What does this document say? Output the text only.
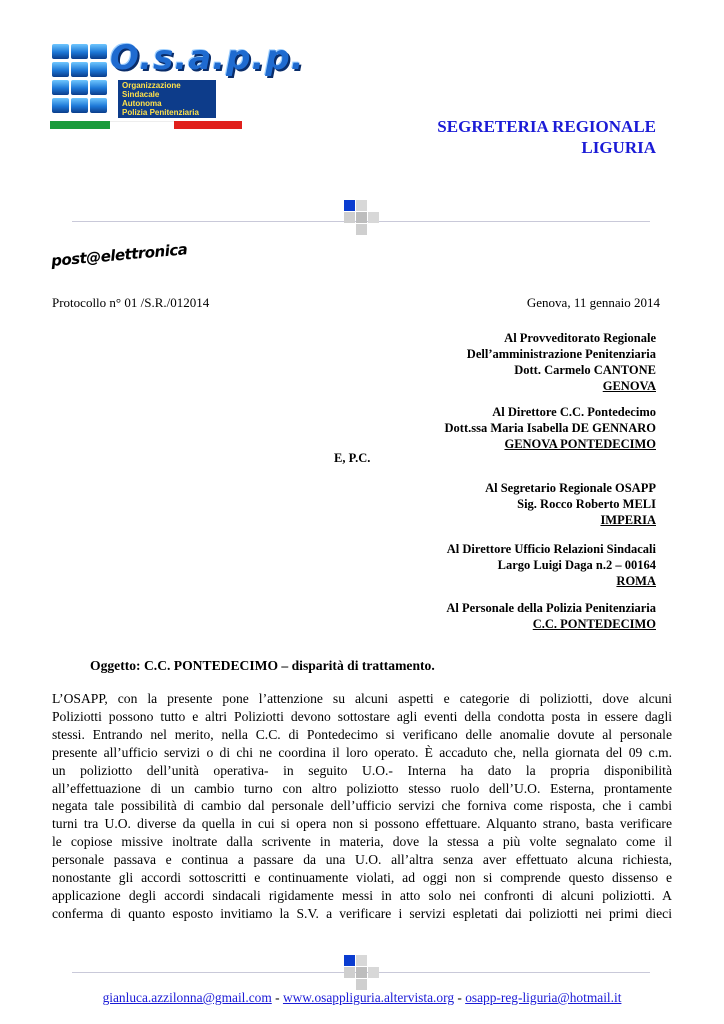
O.s.a.p.p.
Organizzazione
Sindacale
Autonoma
Polizia Penitenziaria
SEGRETERIA REGIONALE
LIGURIA
post@elettronica
Protocollo n° 01 /S.R./012014	Genova, 11 gennaio 2014
Al Provveditorato Regionale
Dell’amministrazione Penitenziaria
Dott. Carmelo CANTONE
GENOVA
Al Direttore C.C. Pontedecimo
Dott.ssa Maria Isabella DE GENNARO
GENOVA PONTEDECIMO
E, P.C.
Al Segretario Regionale OSAPP
Sig. Rocco Roberto MELI
IMPERIA
Al Direttore Ufficio Relazioni Sindacali
Largo Luigi Daga n.2 – 00164
ROMA
Al Personale della Polizia Penitenziaria
C.C. PONTEDECIMO
Oggetto: C.C. PONTEDECIMO – disparità di trattamento.
L’OSAPP, con la presente pone l’attenzione su alcuni aspetti e categorie di poliziotti, dove alcuni
Poliziotti possono tutto e altri Poliziotti devono sottostare agli eventi della condotta posta in essere dagli
stessi. Entrando nel merito, nella C.C. di Pontedecimo si verificano delle anomalie dovute al personale
presente all’ufficio servizi o di chi ne coordina il loro operato. È accaduto che, nella giornata del 09 c.m.
un poliziotto dell’unità operativa- in seguito U.O.- Interna ha dato la propria disponibilità
all’effettuazione di un cambio turno con altro poliziotto stesso ruolo dell’U.O. Esterna, prontamente
negata tale possibilità di cambio dal personale dell’ufficio servizi che forniva come risposta, che i cambi
turni tra U.O. diverse da quella in cui si opera non si possono effettuare. Alquanto strano, basta verificare
le copiose missive inoltrate dalla scrivente in materia, dove la stessa a più volte segnalato come il
personale passava e continua a passare da una U.O. all’altra senza aver effettuato alcuna richiesta,
nonostante gli accordi sottoscritti e continuamente violati, ad oggi non si comprende questo dissenso e
applicazione degli accordi sindacali rigidamente messi in atto solo nei confronti di alcuni poliziotti. A
conferma di quanto esposto invitiamo la S.V. a verificare i servizi espletati dai poliziotti nei primi dieci
gianluca.azzilonna@gmail.com - www.osappliguria.altervista.org - osapp-reg-liguria@hotmail.it
